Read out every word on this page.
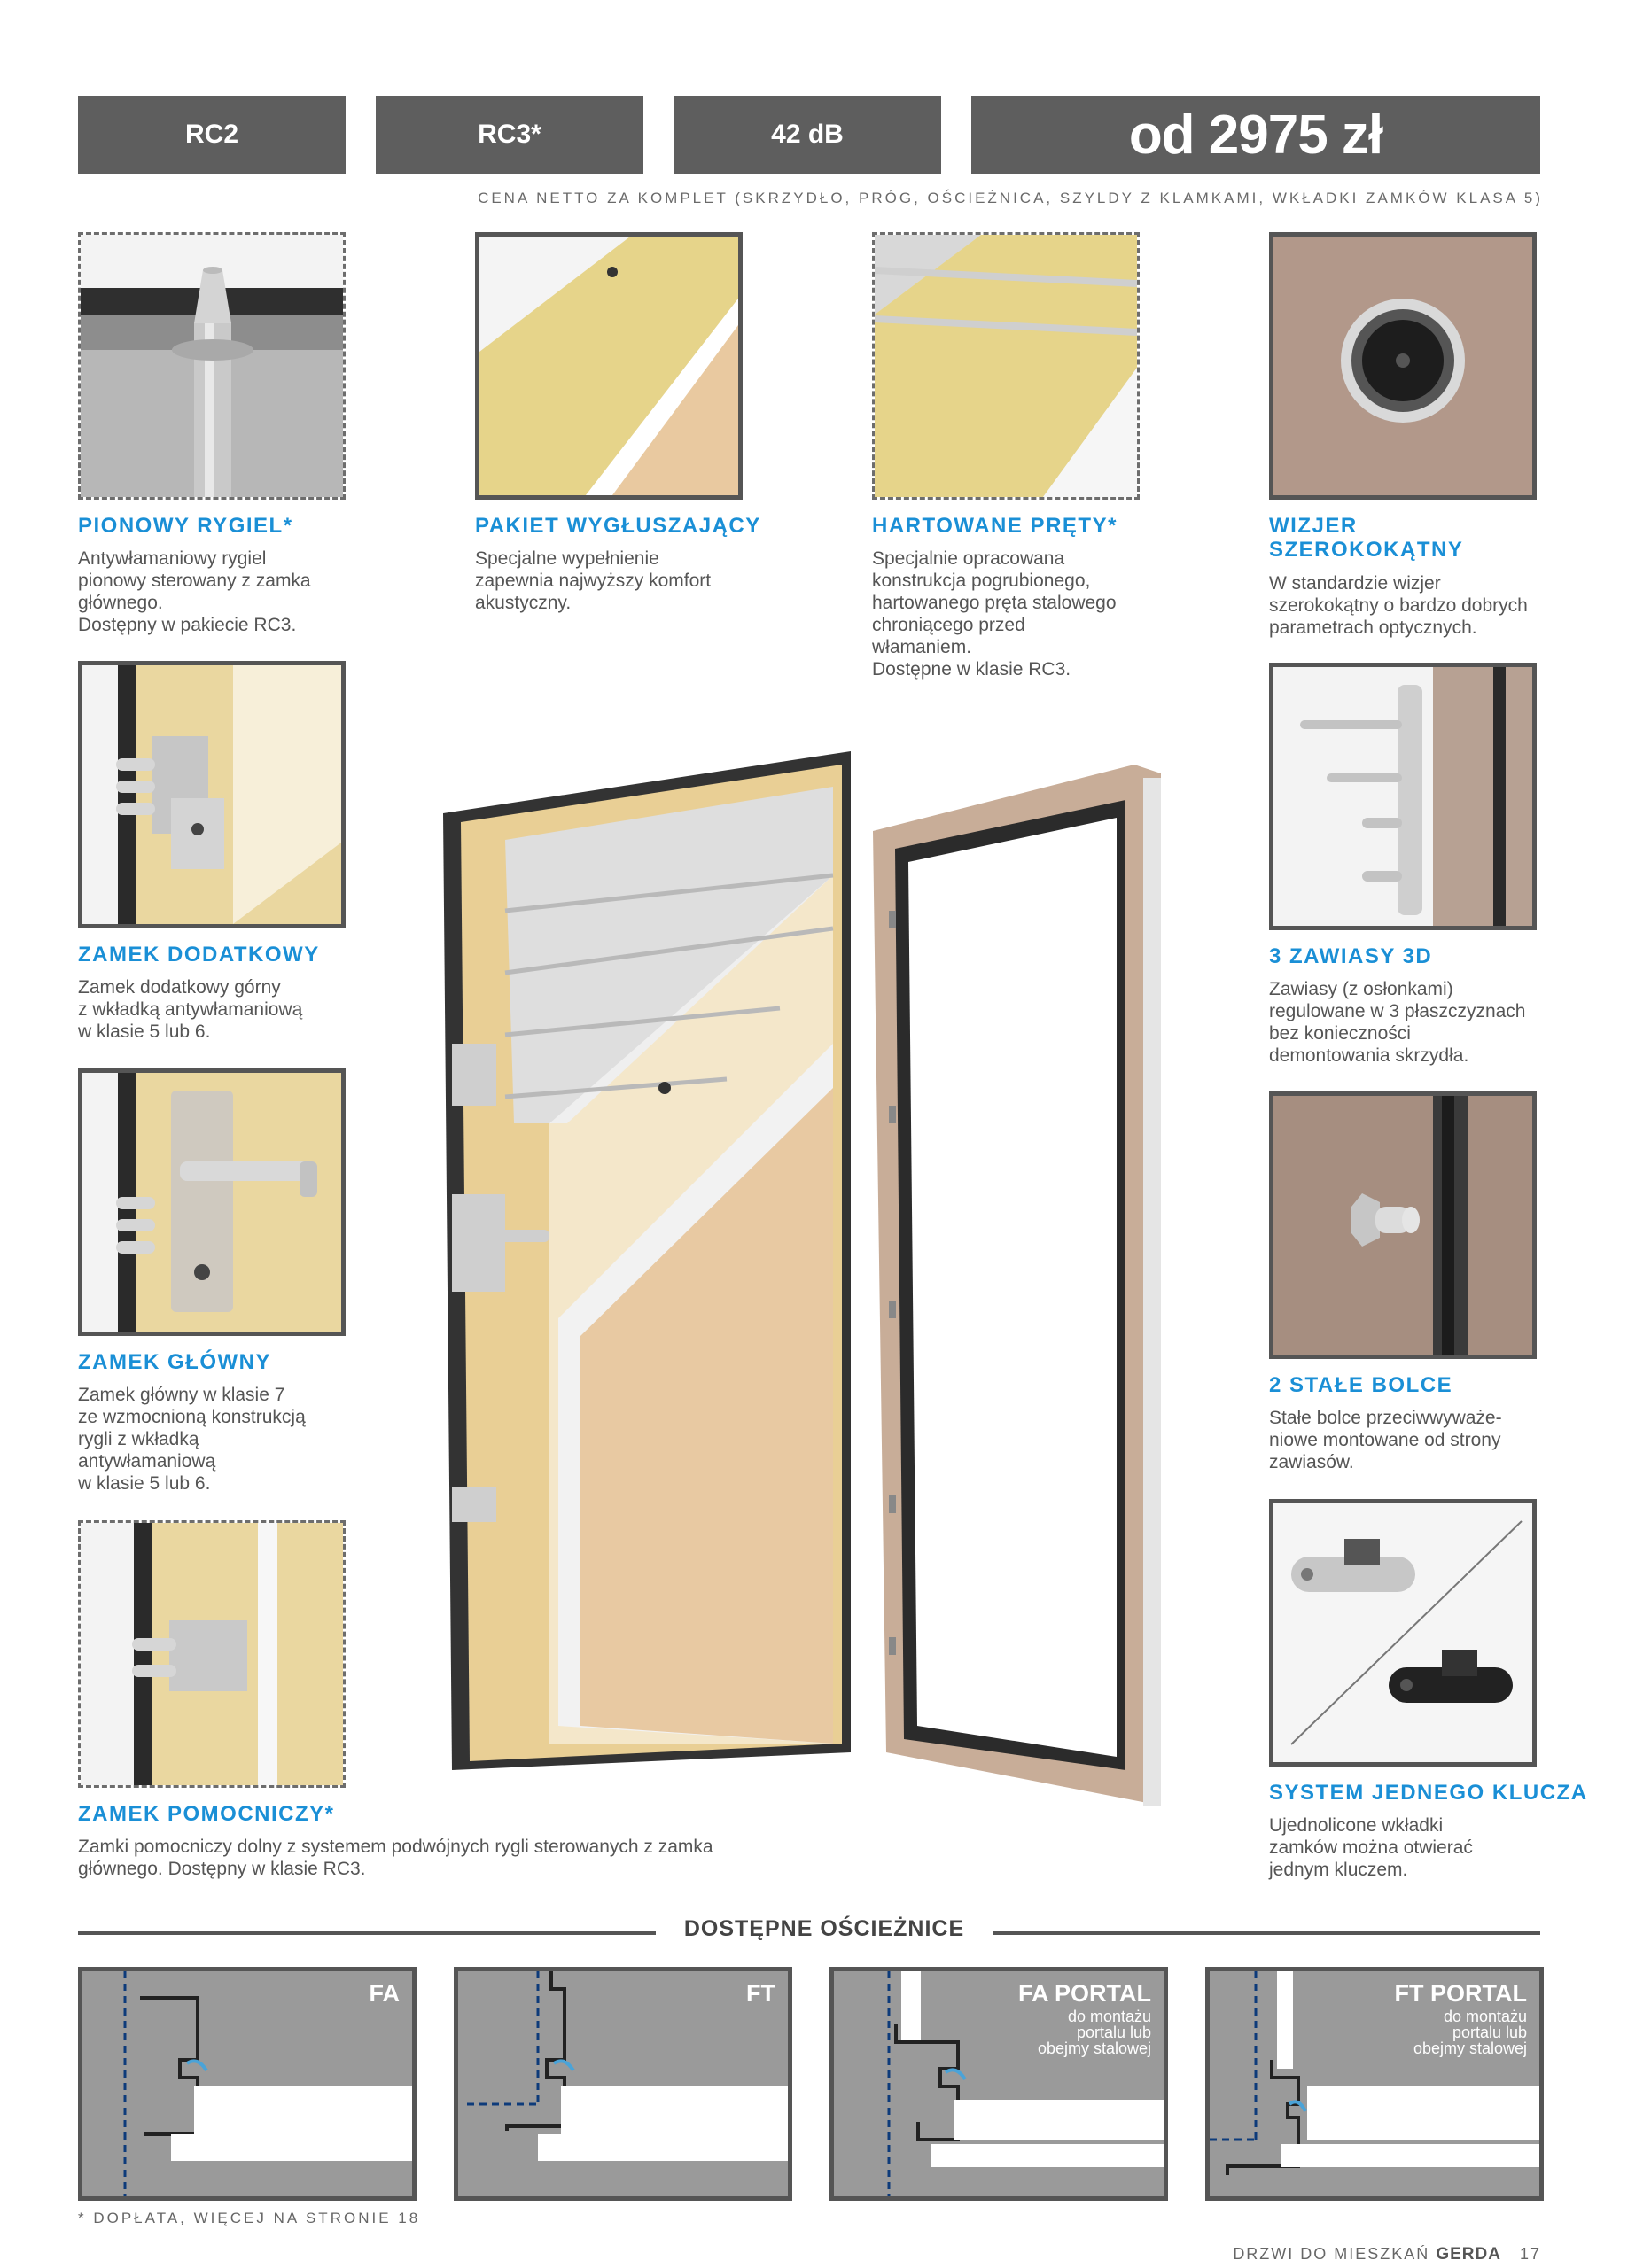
RC2	RC3*	42 dB	od 2975 zł
CENA NETTO ZA KOMPLET (SKRZYDŁO, PRÓG, OŚCIEŻNICA, SZYLDY Z KLAMKAMI, WKŁADKI ZAMKÓW KLASA 5)
PIONOWY RYGIEL*
Antywłamaniowy rygiel
pionowy sterowany z zamka
głównego.
Dostępny w pakiecie RC3.
PAKIET WYGŁUSZAJĄCY
Specjalne wypełnienie
zapewnia najwyższy komfort
akustyczny.
HARTOWANE PRĘTY*
Specjalnie opracowana
konstrukcja pogrubionego,
hartowanego pręta stalowego
chroniącego przed
włamaniem.
Dostępne w klasie RC3.
WIZJER
SZEROKOKĄTNY
W standardzie wizjer
szerokokątny o bardzo dobrych
parametrach optycznych.
ZAMEK DODATKOWY
Zamek dodatkowy górny
z wkładką antywłamaniową
w klasie 5 lub 6.
ZAMEK GŁÓWNY
Zamek główny w klasie 7
ze wzmocnioną konstrukcją
rygli z wkładką
antywłamaniową
w klasie 5 lub 6.
ZAMEK POMOCNICZY*
Zamki pomocniczy dolny z systemem podwójnych rygli sterowanych z zamka
głównego. Dostępny w klasie RC3.
3 ZAWIASY 3D
Zawiasy (z osłonkami)
regulowane w 3 płaszczyznach
bez konieczności
demontowania skrzydła.
2 STAŁE BOLCE
Stałe bolce przeciwwyważe-
niowe montowane od strony
zawiasów.
SYSTEM JEDNEGO KLUCZA
Ujednolicone wkładki
zamków można otwierać
jednym kluczem.
DOSTĘPNE OŚCIEŻNICE
FA	FT	FA PORTAL
do montażu
portalu lub
obejmy stalowej
FT PORTAL
do montażu
portalu lub
obejmy stalowej
* DOPŁATA, WIĘCEJ NA STRONIE 18
DRZWI DO MIESZKAŃ GERDA 17
